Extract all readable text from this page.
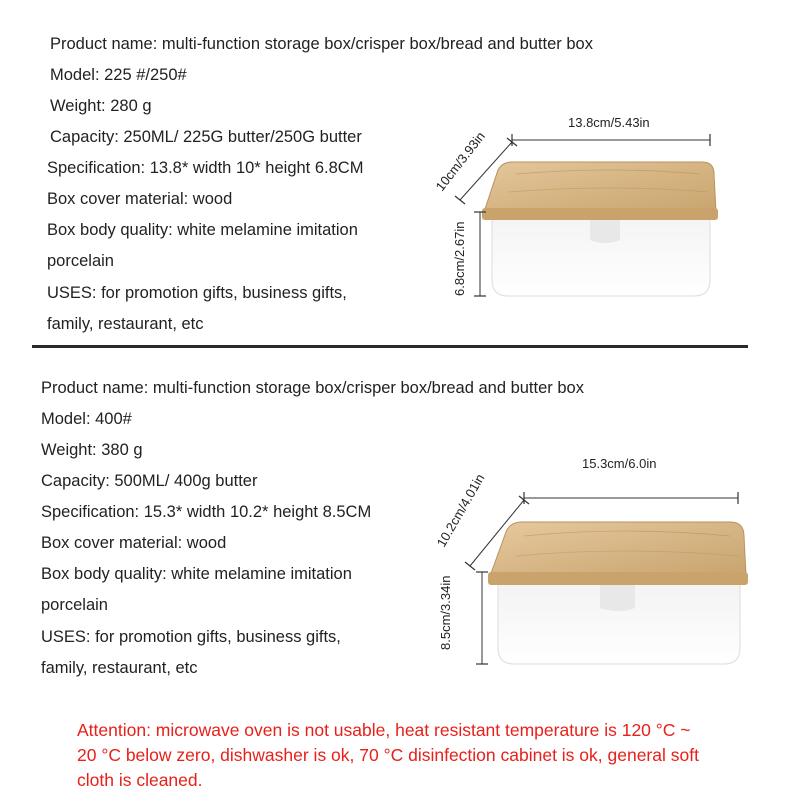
Product name: multi-function storage box/crisper box/bread and butter box
Model: 225 #/250#
Weight: 280 g
Capacity: 250ML/ 225G butter/250G butter
Specification: 13.8* width 10* height 6.8CM
Box cover material: wood
Box body quality: white melamine imitation
porcelain
USES: for promotion gifts, business gifts,
family, restaurant, etc
13.8cm/5.43in
10cm/3.93in
6.8cm/2.67in
Product name: multi-function storage box/crisper box/bread and butter box
Model: 400#
Weight: 380 g
Capacity: 500ML/ 400g butter
Specification: 15.3* width 10.2* height 8.5CM
Box cover material: wood
Box body quality: white melamine imitation
porcelain
USES: for promotion gifts, business gifts,
family, restaurant, etc
15.3cm/6.0in
10.2cm/4.01in
8.5cm/3.34in
Attention: microwave oven is not usable, heat resistant temperature is 120 °C ~
20 °C below zero, dishwasher is ok, 70 °C disinfection cabinet is ok, general soft
cloth is cleaned.
